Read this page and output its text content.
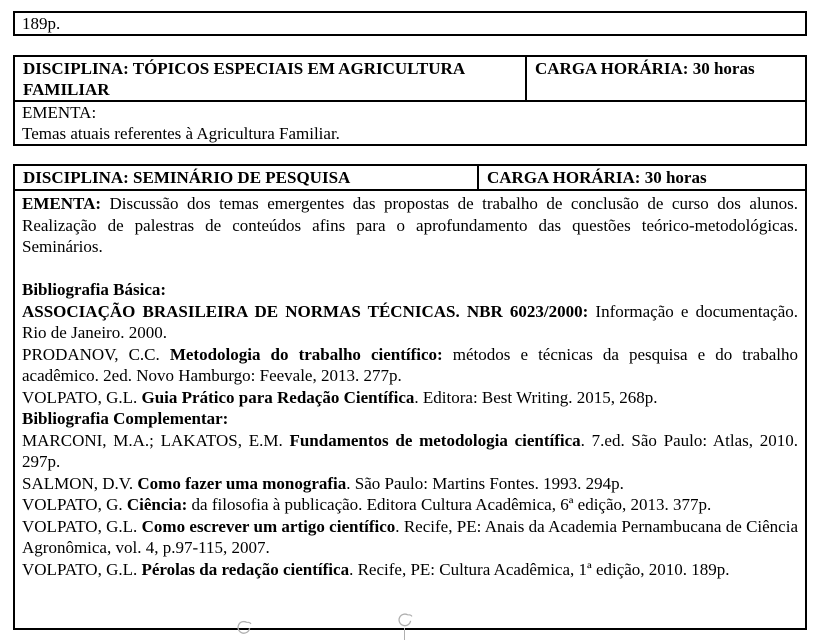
189p.
DISCIPLINA: TÓPICOS ESPECIAIS EM AGRICULTURA FAMILIAR
CARGA HORÁRIA: 30 horas
EMENTA:
Temas atuais referentes à Agricultura Familiar.
DISCIPLINA: SEMINÁRIO DE PESQUISA	CARGA HORÁRIA: 30 horas
EMENTA: Discussão dos temas emergentes das propostas de trabalho de conclusão de curso dos alunos. Realização de palestras de conteúdos afins para o aprofundamento das questões teórico-metodológicas. Seminários.

Bibliografia Básica:
ASSOCIAÇÃO BRASILEIRA DE NORMAS TÉCNICAS. NBR 6023/2000: Informação e documentação. Rio de Janeiro. 2000.
PRODANOV, C.C. Metodologia do trabalho científico: métodos e técnicas da pesquisa e do trabalho acadêmico. 2ed. Novo Hamburgo: Feevale, 2013. 277p.
VOLPATO, G.L. Guia Prático para Redação Científica. Editora: Best Writing. 2015, 268p.
Bibliografia Complementar:
MARCONI, M.A.; LAKATOS, E.M. Fundamentos de metodologia científica. 7.ed. São Paulo: Atlas, 2010. 297p.
SALMON, D.V. Como fazer uma monografia. São Paulo: Martins Fontes. 1993. 294p.
VOLPATO, G. Ciência: da filosofia à publicação. Editora Cultura Acadêmica, 6ª edição, 2013. 377p.
VOLPATO, G.L. Como escrever um artigo científico. Recife, PE: Anais da Academia Pernambucana de Ciência Agronômica, vol. 4, p.97-115, 2007.
VOLPATO, G.L. Pérolas da redação científica. Recife, PE: Cultura Acadêmica, 1ª edição, 2010. 189p.
